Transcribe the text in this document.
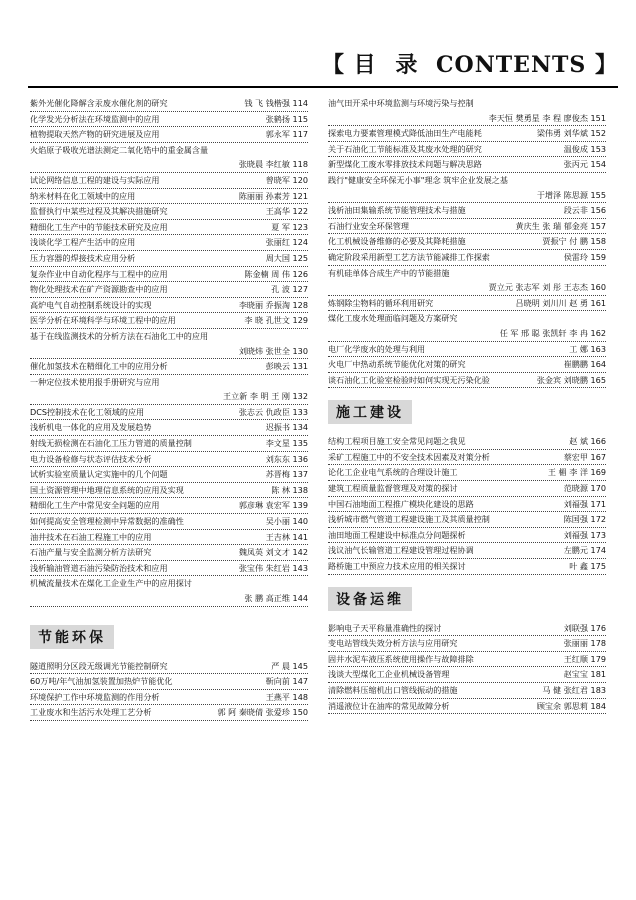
【 目 录 CONTENTS 】
紫外光催化降解含汞废水催化剂的研究	钱 飞 钱楷强 114
化学发光分析法在环境监测中的应用	张鹤扬 115
植物提取天然产物的研究进展及应用	郭永军 117
火焰原子吸收光谱法测定二氧化锆中的重金属含量
张晓晨 李红敏 118
试论网络信息工程的建设与实际应用	曾晓军 120
纳米材料在化工领域中的应用	陈丽丽 孙素芳 121
监督执行中某些过程及其解决措施研究	王高华 122
精细化工生产中的节能技术研究及应用	夏 军 123
浅谈化学工程产生活中的应用	张丽红 124
压力容器的焊接技术应用分析	周大国 125
复杂作业中自动化程序与工程中的应用	陈金楠 周 伟 126
物化处理技术在矿产资源勘查中的应用	孔 波 127
高炉电气自动控制系统设计的实现	李晓丽 乔振淘 128
医学分析在环境科学与环境工程中的应用	李 晓 孔世文 129
基于在线监测技术的分析方法在石油化工中的应用
刘晓炜 张世全 130
催化加氢技术在精细化工中的应用分析	彭映云 131
一种定位技术使用报手册研究与应用
王立新 李 明 王 刚 132
DCS控制技术在化工领域的应用	张志云 仇政臣 133
浅析机电一体化的应用及发展趋势	迟振书 134
射线无损检测在石油化工压力管道的质量控制	李文星 135
电力设备检修与状态评估技术分析	刘东东 136
试析实验室质量认定实施中的几个问题	苏晋梅 137
国土资源管理中地理信息系统的应用及实现	陈 林 138
精细化工生产中常见安全问题的应用	郭彦琳 袁宏军 139
如何提高安全管理检测中异常数据的准确性	吴小丽 140
油井技术在石油工程施工中的应用	王吉林 141
石油产量与安全监测分析方法研究	魏凤英 刘文才 142
浅析输油管道石油污染防治技术和应用	张宝伟 朱红岩 143
机械流量技术在煤化工企业生产中的应用探讨
张 鹏 高正维 144
节能环保
隧道照明分区段无级调光节能控制研究	严 晨 145
60万吨/年气油加氢装置加热炉节能优化	靳向前 147
环境保护工作中环境监测的作用分析	王燕平 148
工业废水和生活污水处理工艺分析	郭 阿 秦晓倩 张爱珍 150
油气田开采中环境监测与环境污染与控制
李天恒 樊勇星 李 程 廖俊杰 151
探索电力要素管理模式降低油田生产电能耗	梁伟勇 刘华斌 152
关于石油化工节能标准及其废水处理的研究	温俊成 153
新型煤化工废水零排放技术问题与解决思路	张丙元 154
践行"健康安全环保无小事"理念 筑牢企业发展之基
于增泽 陈思源 155
浅析油田集输系统节能管理技术与措施	段云非 156
石油行业安全环保管理	黄庆生 张 瑞 郁金亮 157
化工机械设备维修的必要及其降耗措施	贾振宁 付 鹏 158
确定阶段采用新型工艺方法节能减排工作探索	侯雷玲 159
有机硅单体合成生产中的节能措施
贾立元 张志军 刘 彤 王志杰 160
炼钢除尘物料的循环利用研究	吕晓明 刘川川 赵 勇 161
煤化工废水处理面临问题及方案研究
任 军 邢 聪 张凯轩 李 冉 162
电厂化学废水的处理与利用	工 娜 163
火电厂中热动系统节能优化对策的研究	崔鹏鹏 164
谈石油化工化验室检验时如何实现无污染化验	张金宾 刘晓鹏 165
施工建设
结构工程项目施工安全常见问题之我见	赵 斌 166
采矿工程施工中的不安全技术因素及对策分析	蔡宏甲 167
论化工企业电气系统的合理设计施工	王 楣 李 洋 169
建筑工程质量监督管理及对策的探讨	范晓源 170
中国石油地面工程推广模块化建设的思路	刘福强 171
浅析城市燃气管道工程建设施工及其质量控制	陈国强 172
油田地面工程建设中标准点分问题探析	刘福强 173
浅议油气长输管道工程建设管理过程协调	左鹏元 174
路桥施工中预应力技术应用的相关探讨	叶 鑫 175
设备运维
影响电子天平称量准确性的探讨	刘联强 176
变电站管线失效分析方法与应用研究	张丽丽 178
固井水泥车液压系统使用操作与故障排除	王红顺 179
浅谈大型煤化工企业机械设备管理	赵宝宝 181
清除燃料压缩机出口管线振动的措施	马 健 张红君 183
消遥液位计在油库的常见故障分析	顾宝余 郭思莉 184
